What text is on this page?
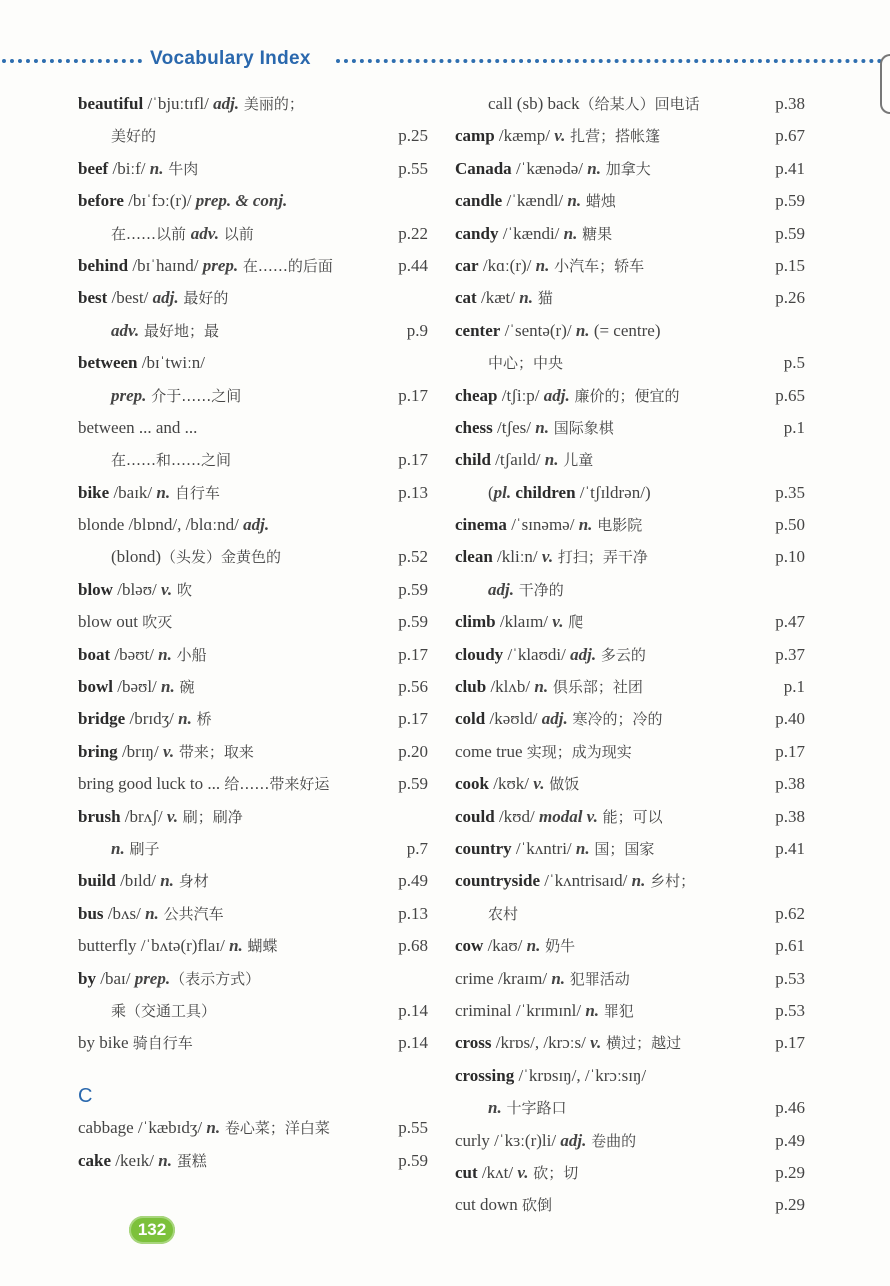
Vocabulary Index
beautiful /ˈbjuːtɪfl/ adj. 美丽的；
美好的	p.25
beef /biːf/ n. 牛肉	p.55
before /bɪˈfɔː(r)/ prep. & conj.
在……以前 adv. 以前	p.22
behind /bɪˈhaɪnd/ prep. 在……的后面	p.44
best /best/ adj. 最好的
adv. 最好地；最	p.9
between /bɪˈtwiːn/
prep. 介于……之间	p.17
between ... and ...
在……和……之间	p.17
bike /baɪk/ n. 自行车	p.13
blonde /blɒnd/, /blɑːnd/ adj.
(blond)（头发）金黄色的	p.52
blow /bləʊ/ v. 吹	p.59
blow out 吹灭	p.59
boat /bəʊt/ n. 小船	p.17
bowl /bəʊl/ n. 碗	p.56
bridge /brɪdʒ/ n. 桥	p.17
bring /brɪŋ/ v. 带来；取来	p.20
bring good luck to ... 给……带来好运	p.59
brush /brʌʃ/ v. 刷；刷净
n. 刷子	p.7
build /bɪld/ n. 身材	p.49
bus /bʌs/ n. 公共汽车	p.13
butterfly /ˈbʌtə(r)flaɪ/ n. 蝴蝶	p.68
by /baɪ/ prep.（表示方式）
乘（交通工具）	p.14
by bike 骑自行车	p.14
C
cabbage /ˈkæbɪdʒ/ n. 卷心菜；洋白菜	p.55
cake /keɪk/ n. 蛋糕	p.59
call (sb) back（给某人）回电话	p.38
camp /kæmp/ v. 扎营；搭帐篷	p.67
Canada /ˈkænədə/ n. 加拿大	p.41
candle /ˈkændl/ n. 蜡烛	p.59
candy /ˈkændi/ n. 糖果	p.59
car /kɑː(r)/ n. 小汽车；轿车	p.15
cat /kæt/ n. 猫	p.26
center /ˈsentə(r)/ n. (= centre)
中心；中央	p.5
cheap /tʃiːp/ adj. 廉价的；便宜的	p.65
chess /tʃes/ n. 国际象棋	p.1
child /tʃaɪld/ n. 儿童
(pl. children /ˈtʃɪldrən/)	p.35
cinema /ˈsɪnəmə/ n. 电影院	p.50
clean /kliːn/ v. 打扫；弄干净	p.10
adj. 干净的
climb /klaɪm/ v. 爬	p.47
cloudy /ˈklaʊdi/ adj. 多云的	p.37
club /klʌb/ n. 俱乐部；社团	p.1
cold /kəʊld/ adj. 寒冷的；冷的	p.40
come true 实现；成为现实	p.17
cook /kʊk/ v. 做饭	p.38
could /kʊd/ modal v. 能；可以	p.38
country /ˈkʌntri/ n. 国；国家	p.41
countryside /ˈkʌntrisaɪd/ n. 乡村；
农村	p.62
cow /kaʊ/ n. 奶牛	p.61
crime /kraɪm/ n. 犯罪活动	p.53
criminal /ˈkrɪmɪnl/ n. 罪犯	p.53
cross /krɒs/, /krɔːs/ v. 横过；越过	p.17
crossing /ˈkrɒsɪŋ/, /ˈkrɔːsɪŋ/
n. 十字路口	p.46
curly /ˈkɜː(r)li/ adj. 卷曲的	p.49
cut /kʌt/ v. 砍；切	p.29
cut down 砍倒	p.29
132
